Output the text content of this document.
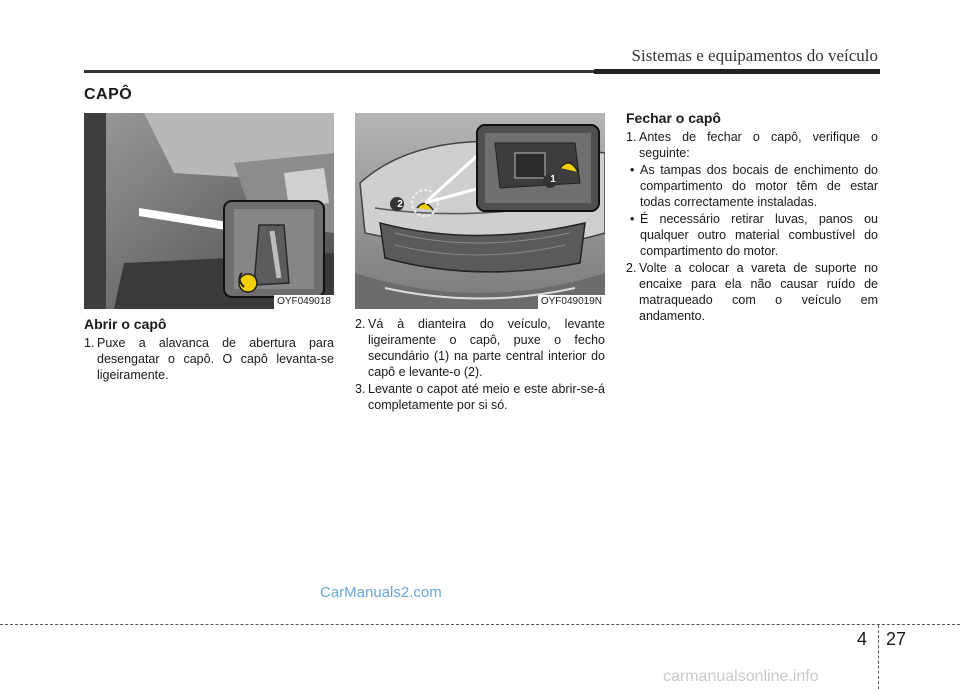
Sistemas e equipamentos do veículo
CAPÔ
OYF049018
1
2
OYF049019N
Abrir o capô
1. Puxe a alavanca de abertura para desengatar o capô. O capô levanta-se ligeiramente.
2. Vá à dianteira do veículo, levante ligeiramente o capô, puxe o fecho secundário (1) na parte central interior do capô e levante-o (2).
3. Levante o capot até meio e este abrir-se-á completamente por si só.
Fechar o capô
1. Antes de fechar o capô, verifique o seguinte:
• As tampas dos bocais de enchimento do compartimento do motor têm de estar todas correctamente instaladas.
• É necessário retirar luvas, panos ou qualquer outro material combustível do compartimento do motor.
2. Volte a colocar a vareta de suporte no encaixe para ela não causar ruído de matraqueado com o veículo em andamento.
CarManuals2.com
4 27
carmanualsonline.info
